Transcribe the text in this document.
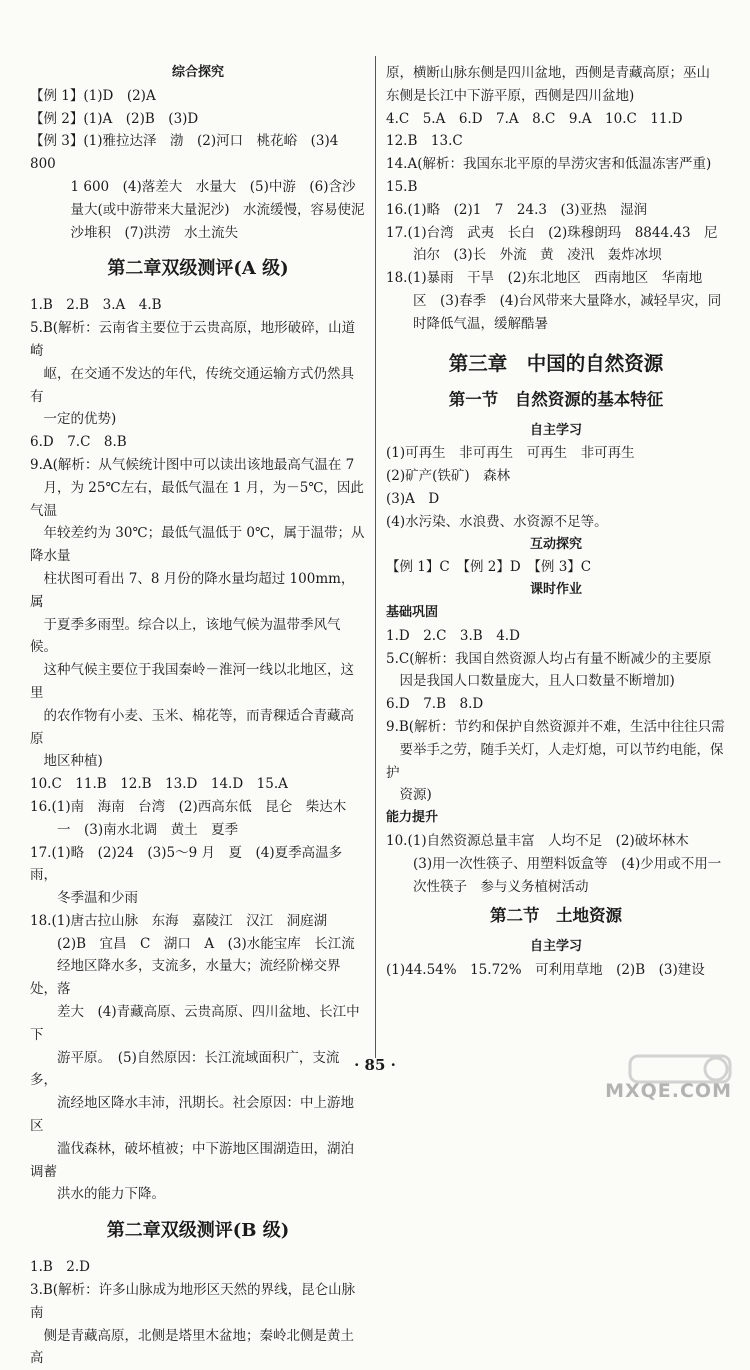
综合探究
【例 1】(1)D　(2)A
【例 2】(1)A　(2)B　(3)D
【例 3】(1)雅拉达泽　渤　(2)河口　桃花峪　(3)4 800
　　　1 600　(4)落差大　水量大　(5)中游　(6)含沙
　　　量大(或中游带来大量泥沙)　水流缓慢，容易使泥
　　　沙堆积　(7)洪涝　水土流失
第二章双级测评(A 级)
1.B　2.B　3.A　4.B
5.B(解析：云南省主要位于云贵高原，地形破碎，山道崎
　岖，在交通不发达的年代，传统交通运输方式仍然具有
　一定的优势)
6.D　7.C　8.B
9.A(解析：从气候统计图中可以读出该地最高气温在 7
　月，为 25℃左右，最低气温在 1 月，为－5℃，因此气温
　年较差约为 30℃；最低气温低于 0℃，属于温带；从降水量
　柱状图可看出 7、8 月份的降水量均超过 100mm，属
　于夏季多雨型。综合以上，该地气候为温带季风气候。
　这种气候主要位于我国秦岭－淮河一线以北地区，这里
　的农作物有小麦、玉米、棉花等，而青稞适合青藏高原
　地区种植)
10.C　11.B　12.B　13.D　14.D　15.A
16.(1)南　海南　台湾　(2)西高东低　昆仑　柴达木
　　一　(3)南水北调　黄土　夏季
17.(1)略　(2)24　(3)5～9 月　夏　(4)夏季高温多雨，
　　冬季温和少雨
18.(1)唐古拉山脉　东海　嘉陵江　汉江　洞庭湖
　　(2)B　宜昌　C　湖口　A　(3)水能宝库　长江流
　　经地区降水多，支流多，水量大；流经阶梯交界处，落
　　差大　(4)青藏高原、云贵高原、四川盆地、长江中下
　　游平原。　(5)自然原因：长江流域面积广，支流多，
　　流经地区降水丰沛，汛期长。社会原因：中上游地区
　　滥伐森林，破坏植被；中下游地区围湖造田，湖泊调蓄
　　洪水的能力下降。
第二章双级测评(B 级)
1.B　2.D
3.B(解析：许多山脉成为地形区天然的界线，昆仑山脉南
　侧是青藏高原，北侧是塔里木盆地；秦岭北侧是黄土高
原，横断山脉东侧是四川盆地，西侧是青藏高原；巫山
东侧是长江中下游平原，西侧是四川盆地)
4.C　5.A　6.D　7.A　8.C　9.A　10.C　11.D
12.B　13.C
14.A(解析：我国东北平原的旱涝灾害和低温冻害严重)
15.B
16.(1)略　(2)1　7　24.3　(3)亚热　湿润
17.(1)台湾　武夷　长白　(2)珠穆朗玛　8844.43　尼
　　泊尔　(3)长　外流　黄　凌汛　轰炸冰坝
18.(1)暴雨　干旱　(2)东北地区　西南地区　华南地
　　区　(3)春季　(4)台风带来大量降水，减轻旱灾，同
　　时降低气温，缓解酷暑
第三章　中国的自然资源
第一节　自然资源的基本特征
自主学习
(1)可再生　非可再生　可再生　非可再生
(2)矿产(铁矿)　森林
(3)A　D
(4)水污染、水浪费、水资源不足等。
互动探究
【例 1】C　【例 2】D　【例 3】C
课时作业
基础巩固
1.D　2.C　3.B　4.D
5.C(解析：我国自然资源人均占有量不断减少的主要原
　因是我国人口数量庞大，且人口数量不断增加)
6.D　7.B　8.D
9.B(解析：节约和保护自然资源并不难，生活中往往只需
　要举手之劳，随手关灯，人走灯熄，可以节约电能，保护
　资源)
能力提升
10.(1)自然资源总量丰富　人均不足　(2)破坏林木
　　(3)用一次性筷子、用塑料饭盒等　(4)少用或不用一
　　次性筷子　参与义务植树活动
第二节　土地资源
自主学习
(1)44.54%　15.72%　可利用草地　(2)B　(3)建设
· 85 ·
MXQE.COM
